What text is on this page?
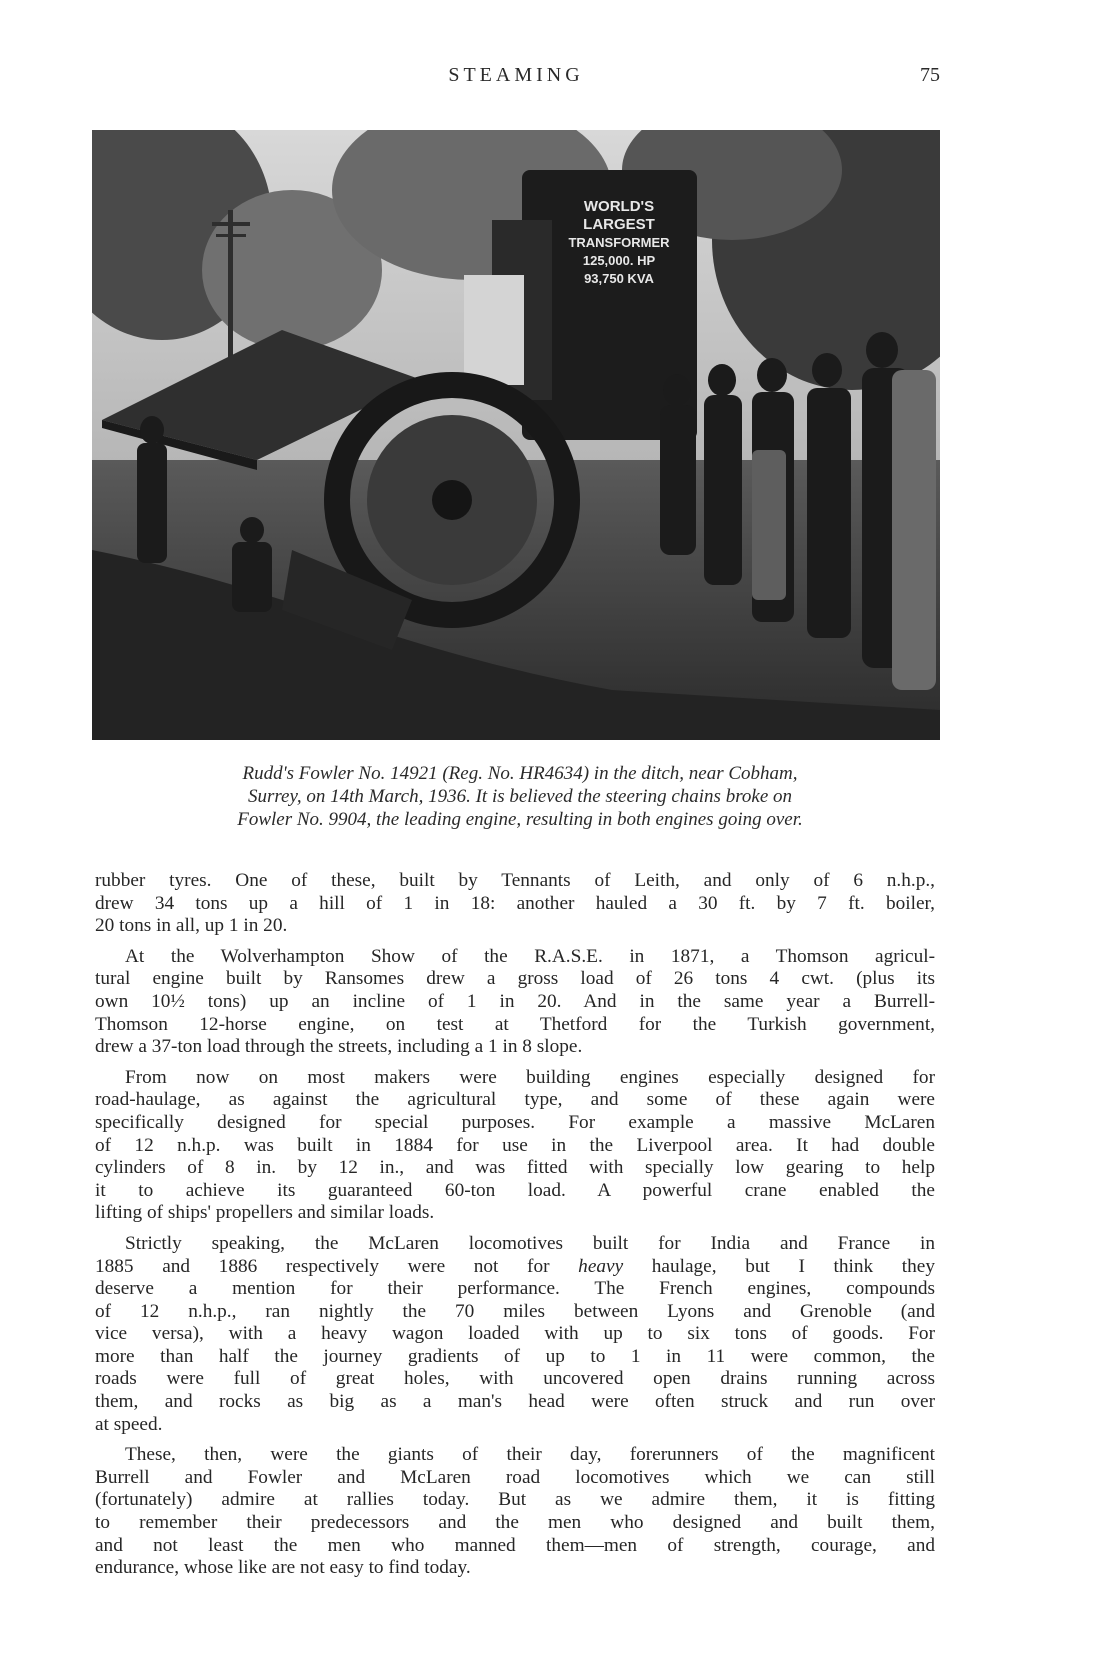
STEAMING	75
WORLD'S
LARGEST
TRANSFORMER
125,000. HP
93,750 KVA

Rudd's Fowler No. 14921 (Reg. No. HR4634) in the ditch, near Cobham,
Surrey, on 14th March, 1936. It is believed the steering chains broke on
Fowler No. 9904, the leading engine, resulting in both engines going over.

rubber tyres. One of these, built by Tennants of Leith, and only of 6 n.h.p.,
drew 34 tons up a hill of 1 in 18: another hauled a 30 ft. by 7 ft. boiler,
20 tons in all, up 1 in 20.

At the Wolverhampton Show of the R.A.S.E. in 1871, a Thomson agricul-
tural engine built by Ransomes drew a gross load of 26 tons 4 cwt. (plus its
own 10½ tons) up an incline of 1 in 20. And in the same year a Burrell-
Thomson 12-horse engine, on test at Thetford for the Turkish government,
drew a 37-ton load through the streets, including a 1 in 8 slope.

From now on most makers were building engines especially designed for
road-haulage, as against the agricultural type, and some of these again were
specifically designed for special purposes. For example a massive McLaren
of 12 n.h.p. was built in 1884 for use in the Liverpool area. It had double
cylinders of 8 in. by 12 in., and was fitted with specially low gearing to help
it to achieve its guaranteed 60-ton load. A powerful crane enabled the
lifting of ships' propellers and similar loads.

Strictly speaking, the McLaren locomotives built for India and France in
1885 and 1886 respectively were not for heavy haulage, but I think they
deserve a mention for their performance. The French engines, compounds
of 12 n.h.p., ran nightly the 70 miles between Lyons and Grenoble (and
vice versa), with a heavy wagon loaded with up to six tons of goods. For
more than half the journey gradients of up to 1 in 11 were common, the
roads were full of great holes, with uncovered open drains running across
them, and rocks as big as a man's head were often struck and run over
at speed.

These, then, were the giants of their day, forerunners of the magnificent
Burrell and Fowler and McLaren road locomotives which we can still
(fortunately) admire at rallies today. But as we admire them, it is fitting
to remember their predecessors and the men who designed and built them,
and not least the men who manned them—men of strength, courage, and
endurance, whose like are not easy to find today.
